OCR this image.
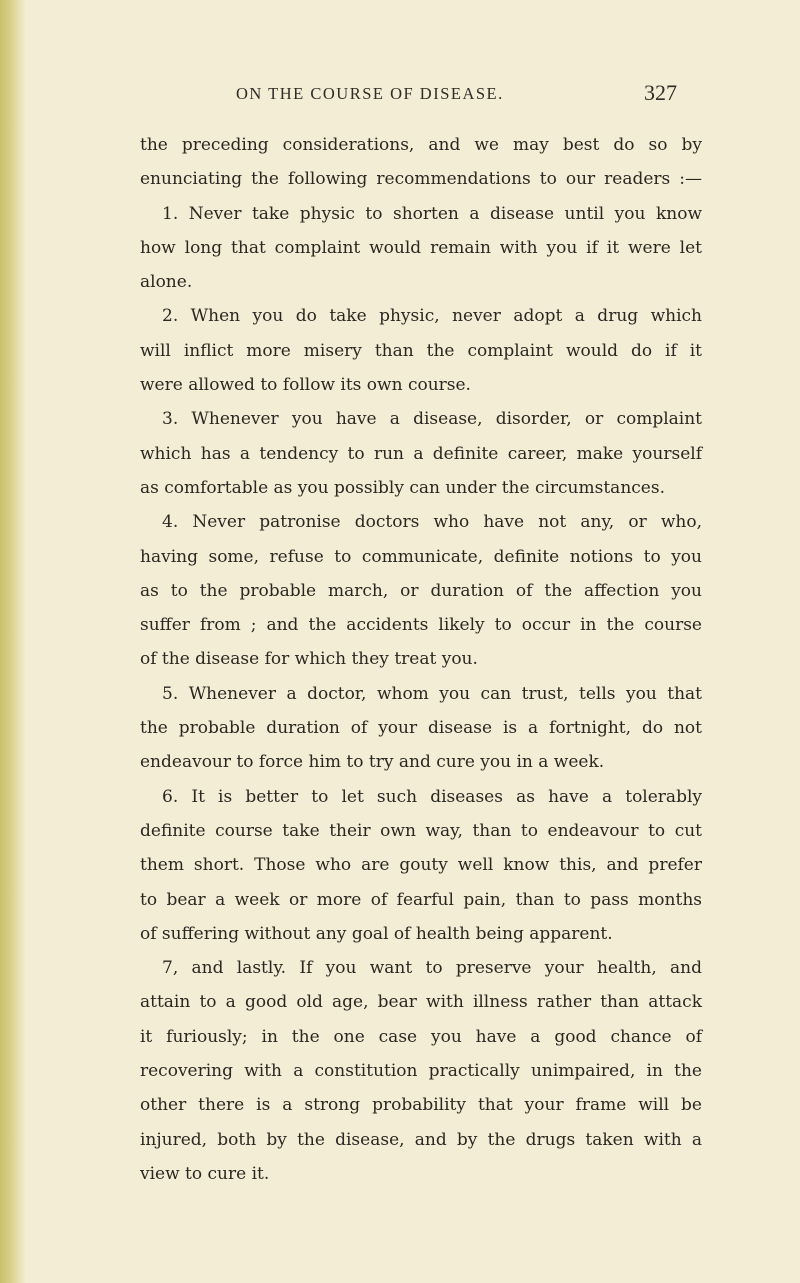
ON THE COURSE OF DISEASE.	327
the preceding considerations, and we may best do so by
enunciating the following recommendations to our readers :—
1. Never take physic to shorten a disease until you know
how long that complaint would remain with you if it were let
alone.
2. When you do take physic, never adopt a drug which
will inflict more misery than the complaint would do if it
were allowed to follow its own course.
3. Whenever you have a disease, disorder, or complaint
which has a tendency to run a definite career, make yourself
as comfortable as you possibly can under the circumstances.
4. Never patronise doctors who have not any, or who,
having some, refuse to communicate, definite notions to you
as to the probable march, or duration of the affection you
suffer from ; and the accidents likely to occur in the course
of the disease for which they treat you.
5. Whenever a doctor, whom you can trust, tells you that
the probable duration of your disease is a fortnight, do not
endeavour to force him to try and cure you in a week.
6. It is better to let such diseases as have a tolerably
definite course take their own way, than to endeavour to cut
them short. Those who are gouty well know this, and prefer
to bear a week or more of fearful pain, than to pass months
of suffering without any goal of health being apparent.
7, and lastly. If you want to preserve your health, and
attain to a good old age, bear with illness rather than attack
it furiously; in the one case you have a good chance of
recovering with a constitution practically unimpaired, in the
other there is a strong probability that your frame will be
injured, both by the disease, and by the drugs taken with a
view to cure it.
